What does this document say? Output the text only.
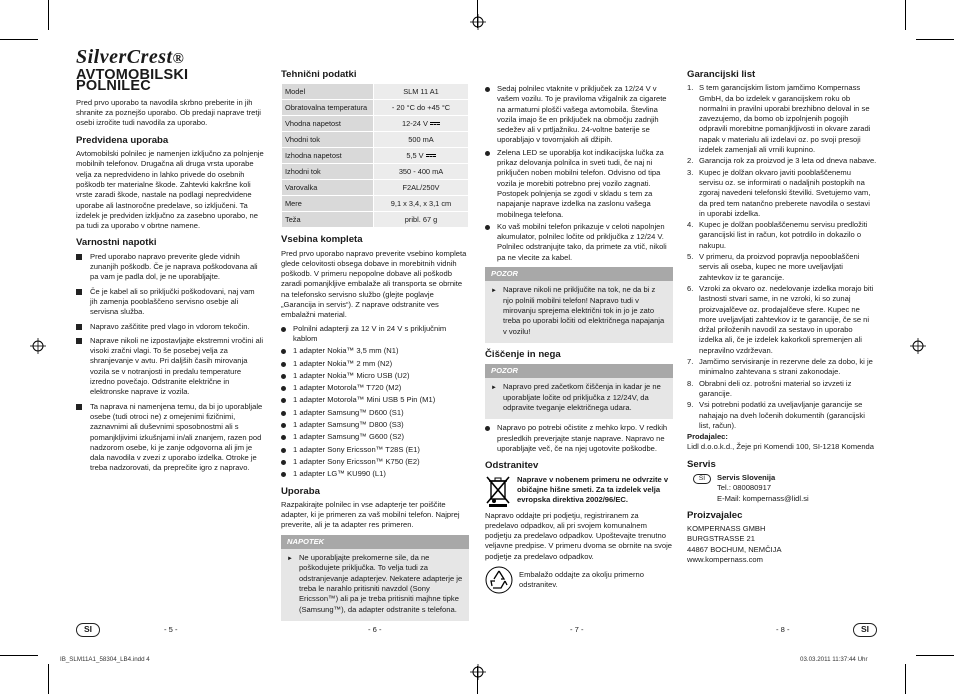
SilverCrest®
AVTOMOBILSKI POLNILEC

Pred prvo uporabo ta navodila skrbno preberite in jih shranite za poznejšo uporabo. Ob predaji naprave tretji osebi izročite tudi navodila za uporabo.

Predvidena uporaba

Avtomobilski polnilec je namenjen izključno za polnjenje mobilnih telefonov. Drugačna ali druga vrsta uporabe velja za nepredvideno in lahko privede do osebnih poškodb ter materialne škode. Zahtevki kakršne koli vrste zaradi škode, nastale na podlagi nepredvidene uporabe ali lastnoročne predelave, so izključeni. Ta izdelek je predviden izključno za zasebno uporabo, ne pa tudi za uporabo v obrtne namene.

Varnostni napotki
Pred uporabo napravo preverite glede vidnih zunanjih poškodb. Če je naprava poškodovana ali pa vam je padla dol, je ne uporabljajte.
Če je kabel ali so priključki poškodovani, naj vam jih zamenja pooblaščeno servisno osebje ali servisna služba.
Napravo zaščitite pred vlago in vdorom tekočin.
Naprave nikoli ne izpostavljajte ekstremni vročini ali visoki zračni vlagi. To še posebej velja za shranjevanje v avtu. Pri daljših časih mirovanja vozila se v notranjosti in predalu temperature izredno povečajo. Odstranite električne in elektronske naprave iz vozila.
Ta naprava ni namenjena temu, da bi jo uporabljale osebe (tudi otroci ne) z omejenimi fizičnimi, zaznavnimi ali duševnimi sposobnostmi ali s pomanjkljivimi izkušnjami in/ali znanjem, razen pod nadzorom osebe, ki je zanje odgovorna ali jim je dala navodila v zvezi z uporabo izdelka. Otroke je treba nadzorovati, da preprečite igro z napravo.
Tehnični podatki
Model	SLM 11 A1
Obratovalna temperatura	- 20 °C do +45 °C
Vhodna napetost	12-24 V
Vhodni tok	500 mA
Izhodna napetost	5,5 V
Izhodni tok	350 - 400 mA
Varovalka	F2AL/250V
Mere	9,1 x 3,4, x 3,1 cm
Teža	pribl. 67 g
Vsebina kompleta

Pred prvo uporabo napravo preverite vsebino kompleta glede celovitosti obsega dobave in morebitnih vidnih poškodb. V primeru nepopolne dobave ali poškodb zaradi pomanjkljive embalaže ali transporta se obrnite na telefonsko servisno službo (glejte poglavje „Garancija in servis“). Z naprave odstranite ves embalažni material.

Polnilni adapterji za 12 V in 24 V s priključnim kablom
1 adapter Nokia™ 3,5 mm (N1)
1 adapter Nokia™ 2 mm (N2)
1 adapter Nokia™ Micro USB (U2)
1 adapter Motorola™ T720 (M2)
1 adapter Motorola™ Mini USB 5 Pin (M1)
1 adapter Samsung™ D600 (S1)
1 adapter Samsung™ D800 (S3)
1 adapter Samsung™ G600 (S2)
1 adapter Sony Ericsson™ T28S (E1)
1 adapter Sony Ericsson™ K750 (E2)
1 adapter LG™ KU990 (L1)
Uporaba

Razpakirajte polnilec in vse adapterje ter poiščite adapter, ki je primeren za vaš mobilni telefon. Najprej preverite, ali je ta adapter res primeren.

NAPOTEK
► Ne uporabljajte prekomerne sile, da ne poškodujete priključka. To velja tudi za odstranjevanje adapterjev. Nekatere adapterje je treba le narahlo pritisniti navzdol (Sony Ericsson™) ali pa je treba pritisniti majhne tipke (Samsung™), da adapter odstranite s telefona.
Sedaj polnilec vtaknite v priključek za 12/24 V v vašem vozilu. To je praviloma vžigalnik za cigarete na armaturni plošči vašega avtomobila. Števlina vozila imajo še en priključek na območju zadnjih sedežev ali v prtljažniku. 24-voltne baterije se uporabljajo v tovornjakih ali džipih.
Zelena LED se uporablja kot indikacijska lučka za prikaz delovanja polnilca in sveti tudi, če naj ni priključen noben mobilni telefon. Odvisno od tipa vozila je morebiti potrebno prej vozilo zagnati. Postopek polnjenja se zgodi v skladu s tem za napajanje naprave izdelka na zaslonu vašega mobilnega telefona.
Ko vaš mobilni telefon prikazuje v celoti napolnjen akumulator, polnilec ločite od priključka z 12/24 V. Polnilec odstranjujte tako, da primete za vtič, nikoli pa ne vlecite za kabel.
POZOR
► Naprave nikoli ne priključite na tok, ne da bi z njo polnili mobilni telefon! Napravo tudi v mirovanju sprejema električni tok in jo je zato treba po uporabi ločiti od električnega napajanja v vozilu!
Čiščenje in nega
POZOR
► Napravo pred začetkom čiščenja in kadar je ne uporabljate ločite od priključka z 12/24V, da odpravite tveganje električnega udara.
Napravo po potrebi očistite z mehko krpo. V redkih presledkih preverjajte stanje naprave. Napravo ne uporabljajte več, če na njej ugotovite poškodbe.
Odstranitev
Naprave v nobenem primeru ne odvrzite v običajne hišne smeti. Za ta izdelek velja evropska direktiva 2002/96/EC.

Napravo oddajte pri podjetju, registriranem za predelavo odpadkov, ali pri svojem komunalnem podjetju za predelavo odpadkov. Upoštevajte trenutno veljavne predpise. V primeru dvoma se obrnite na svoje podjetje za predelavo odpadkov.

Embalažo oddajte za okolju primerno odstranitev.
Garancijski list
1. S tem garancijskim listom jamčimo Kompernass GmbH, da bo izdelek v garancijskem roku ob normalni in pravilni uporabi brezhibno deloval in se zavezujemo, da bomo ob izpolnjenih pogojih odpravili morebitne pomanjkljivosti in okvare zaradi napak v materialu ali izdelavi oz. po svoji presoji izdelek zamenjali ali vrnili kupnino.
2. Garancija rok za proizvod je 3 leta od dneva nabave.
3. Kupec je dolžan okvaro javiti pooblaščenemu servisu oz. se informirati o nadaljnih postopkih na zgoraj navedeni telefonski številki. Svetujemo vam, da pred tem natančno preberete navodila o sestavi in uporabi izdelka.
4. Kupec je dolžan pooblaščenemu servisu predložiti garancijski list in račun, kot potrdilo in dokazilo o nakupu.
5. V primeru, da proizvod popravlja nepooblaščeni servis ali oseba, kupec ne more uveljavljati zahtevkov iz te garancije.
6. Vzroki za okvaro oz. nedelovanje izdelka morajo biti lastnosti stvari same, in ne vzroki, ki so zunaj proizvajalčeve oz. prodajalčeve sfere. Kupec ne more uveljavljati zahtevkov iz te garancije, če se ni držal priloženih navodil za sestavo in uporabo izdelka ali, če je izdelek kakorkoli spremenjen ali nepravilno vzdrževan.
7. Jamčimo servisiranje in rezervne dele za dobo, ki je minimalno zahtevana s strani zakonodaje.
8. Obrabni deli oz. potrošni material so izvzeti iz garancije.
9. Vsi potrebni podatki za uveljavljanje garancije se nahajajo na dveh ločenih dokumentih (garancijski list, račun).

Prodajalec:

Lidl d.o.o.k.d., Žeje pri Komendi 100, SI-1218 Komenda

Servis
SI	Servis Slovenija
Tel.: 080080917
E-Mail: kompernass@lidl.si
Proizvajalec
KOMPERNASS GMBH
BURGSTRASSE 21
44867 BOCHUM, NEMČIJA
www.kompernass.com
SI	- 5 -	- 6 -	- 7 -	- 8 -	SI
IB_SLM11A1_58304_LB4.indd 4	03.03.2011 11:37:44 Uhr
